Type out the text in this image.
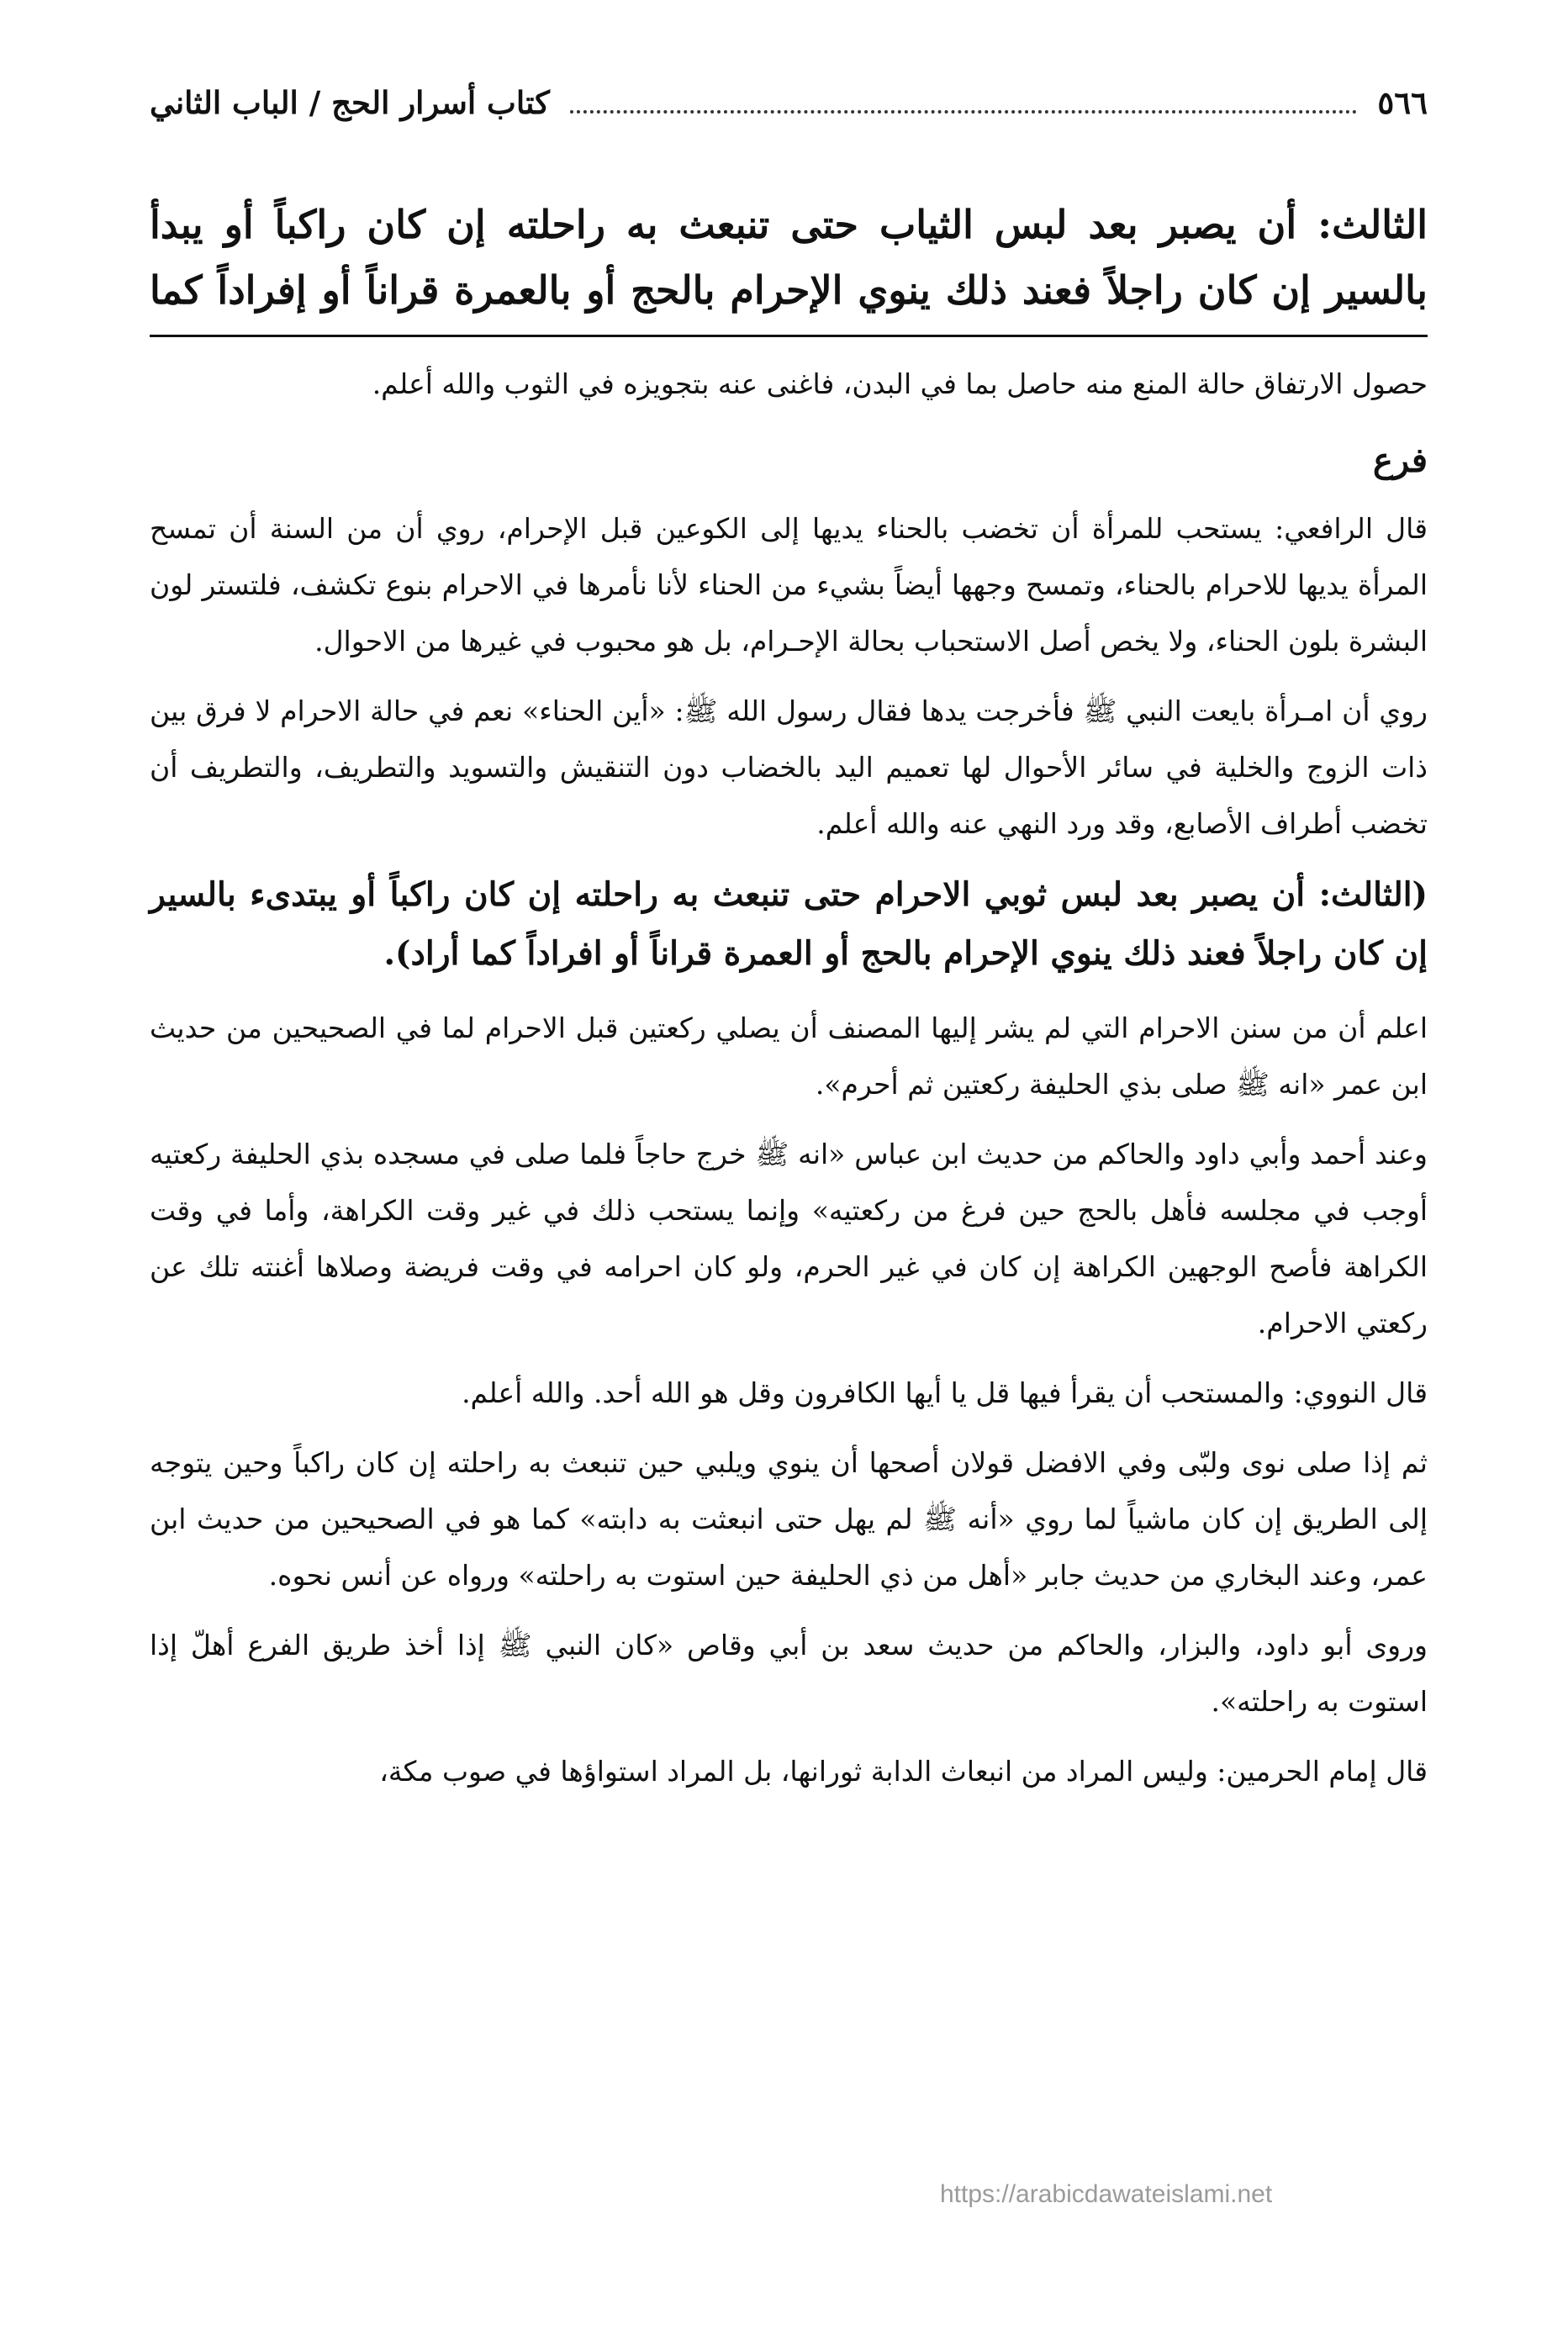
٥٦٦
كتاب أسرار الحج / الباب الثاني
الثالث: أن يصبر بعد لبس الثياب حتى تنبعث به راحلته إن كان راكباً أو يبدأ بالسير إن كان راجلاً فعند ذلك ينوي الإحرام بالحج أو بالعمرة قراناً أو إفراداً كما

حصول الارتفاق حالة المنع منه حاصل بما في البدن، فاغنى عنه بتجويزه في الثوب والله أعلم.

فرع

قال الرافعي: يستحب للمرأة أن تخضب بالحناء يديها إلى الكوعين قبل الإحرام، روي أن من السنة أن تمسح المرأة يديها للاحرام بالحناء، وتمسح وجهها أيضاً بشيء من الحناء لأنا نأمرها في الاحرام بنوع تكشف، فلتستر لون البشرة بلون الحناء، ولا يخص أصل الاستحباب بحالة الإحـرام، بل هو محبوب في غيرها من الاحوال.

روي أن امـرأة بايعت النبي ﷺ فأخرجت يدها فقال رسول الله ﷺ: «أين الحناء» نعم في حالة الاحرام لا فرق بين ذات الزوج والخلية في سائر الأحوال لها تعميم اليد بالخضاب دون التنقيش والتسويد والتطريف، والتطريف أن تخضب أطراف الأصابع، وقد ورد النهي عنه والله أعلم.

(الثالث: أن يصبر بعد لبس ثوبي الاحرام حتى تنبعث به راحلته إن كان راكباً أو يبتدىء بالسير إن كان راجلاً فعند ذلك ينوي الإحرام بالحج أو العمرة قراناً أو افراداً كما أراد).

اعلم أن من سنن الاحرام التي لم يشر إليها المصنف أن يصلي ركعتين قبل الاحرام لما في الصحيحين من حديث ابن عمر «انه ﷺ صلى بذي الحليفة ركعتين ثم أحرم».

وعند أحمد وأبي داود والحاكم من حديث ابن عباس «انه ﷺ خرج حاجاً فلما صلى في مسجده بذي الحليفة ركعتيه أوجب في مجلسه فأهل بالحج حين فرغ من ركعتيه» وإنما يستحب ذلك في غير وقت الكراهة، وأما في وقت الكراهة فأصح الوجهين الكراهة إن كان في غير الحرم، ولو كان احرامه في وقت فريضة وصلاها أغنته تلك عن ركعتي الاحرام.

قال النووي: والمستحب أن يقرأ فيها قل يا أيها الكافرون وقل هو الله أحد. والله أعلم.

ثم إذا صلى نوى ولبّى وفي الافضل قولان أصحها أن ينوي ويلبي حين تنبعث به راحلته إن كان راكباً وحين يتوجه إلى الطريق إن كان ماشياً لما روي «أنه ﷺ لم يهل حتى انبعثت به دابته» كما هو في الصحيحين من حديث ابن عمر، وعند البخاري من حديث جابر «أهل من ذي الحليفة حين استوت به راحلته» ورواه عن أنس نحوه.

وروى أبو داود، والبزار، والحاكم من حديث سعد بن أبي وقاص «كان النبي ﷺ إذا أخذ طريق الفرع أهلّ إذا استوت به راحلته».

قال إمام الحرمين: وليس المراد من انبعاث الدابة ثورانها، بل المراد استواؤها في صوب مكة،

https://arabicdawateislami.net
